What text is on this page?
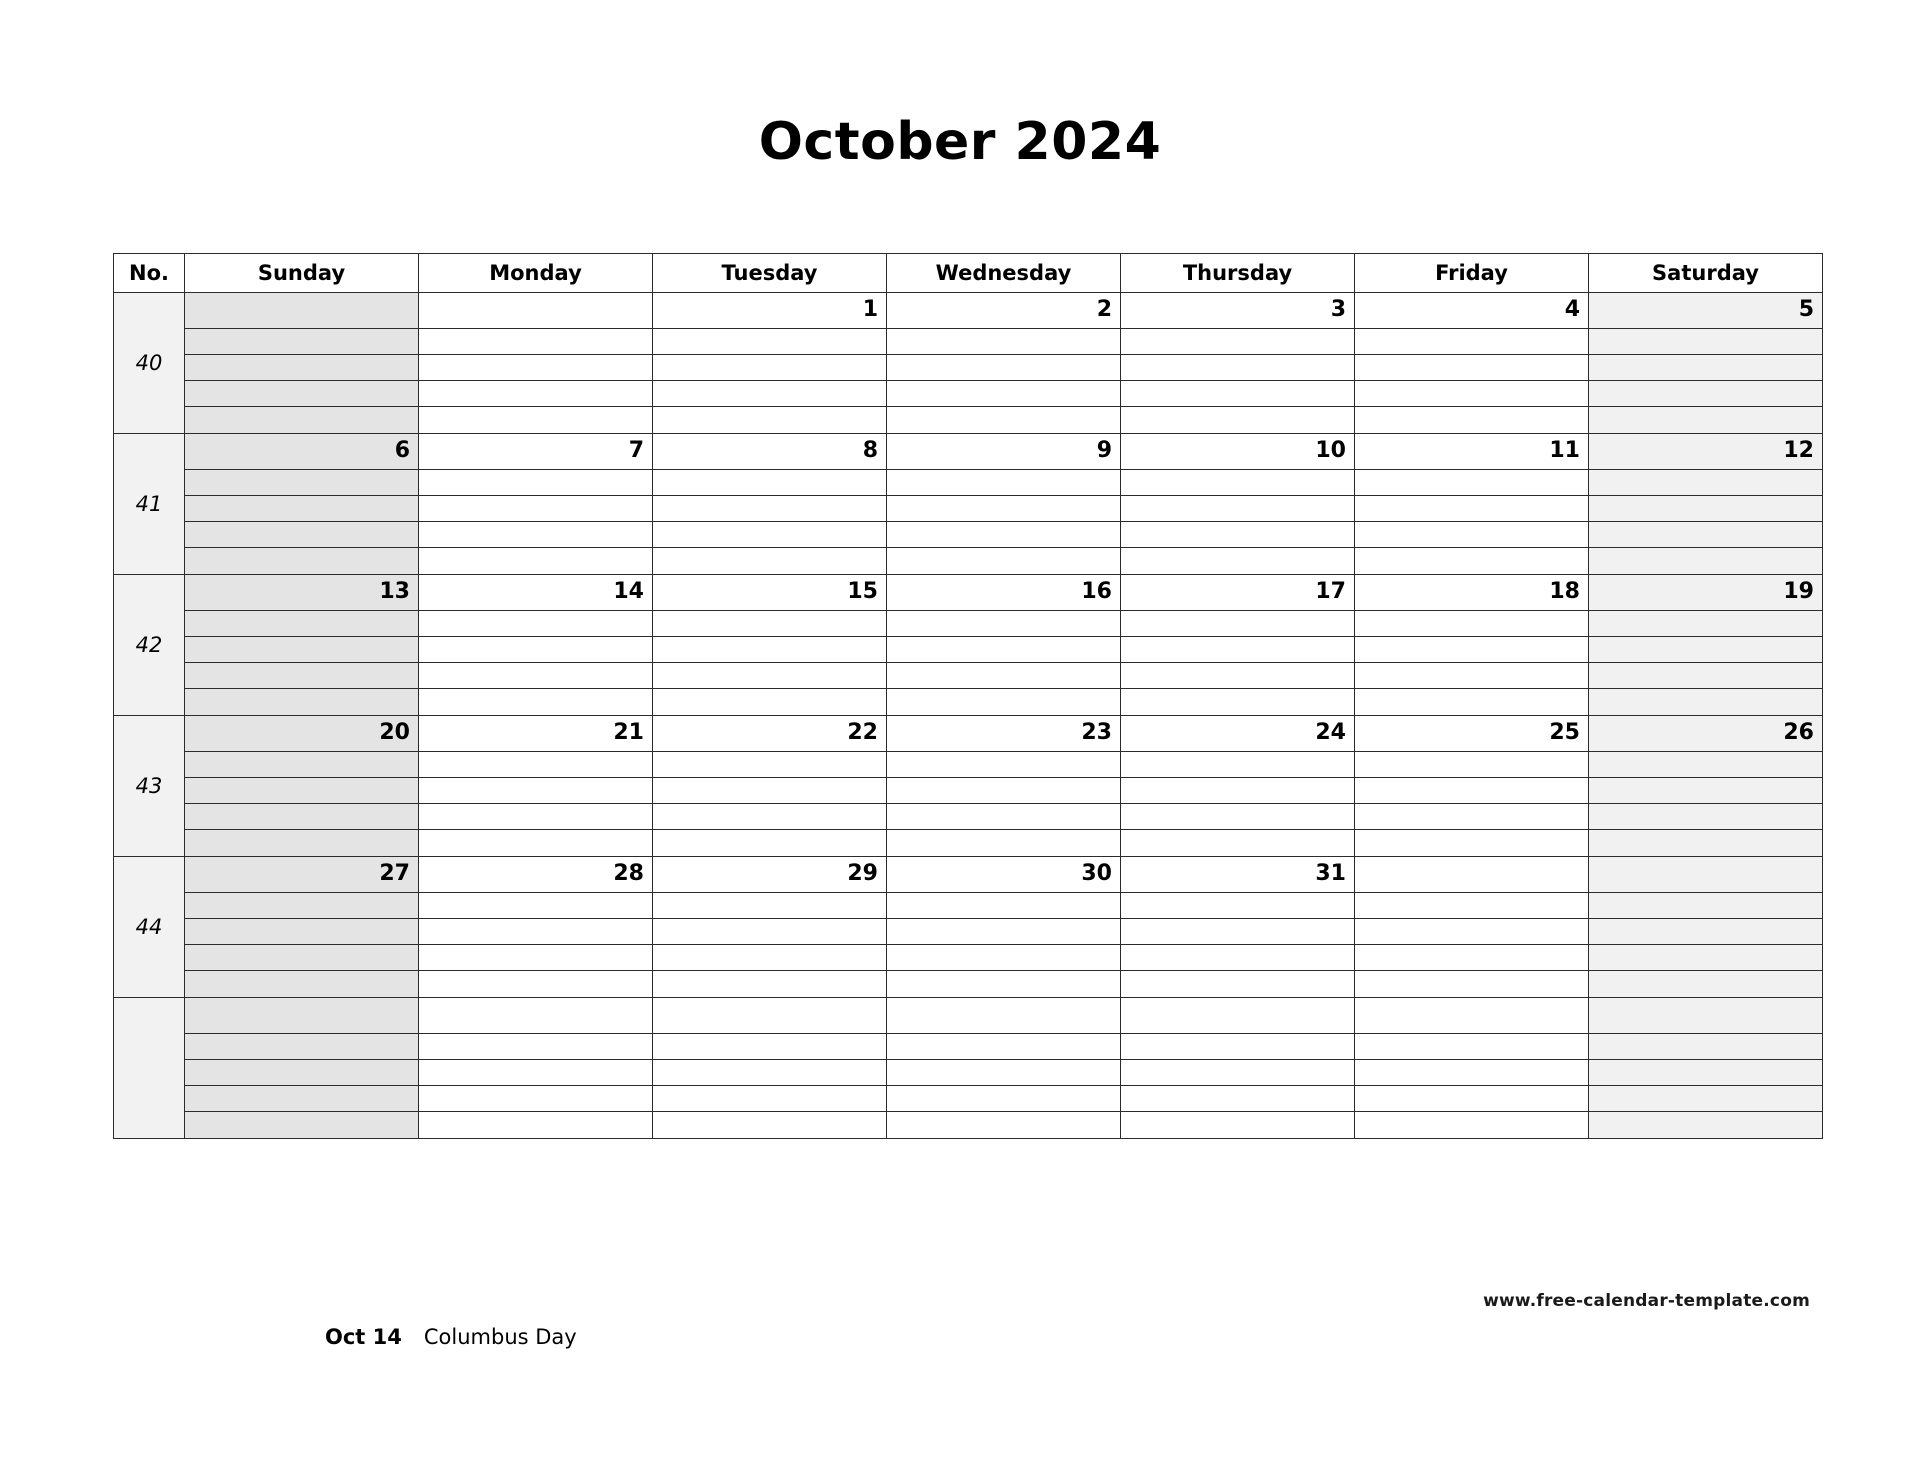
October 2024
No.	Sunday	Monday	Tuesday	Wednesday	Thursday	Friday	Saturday
40			1	2	3	4	5

41	6	7	8	9	10	11	12

42	13	14	15	16	17	18	19

43	20	21	22	23	24	25	26

44	27	28	29	30	31		

www.free-calendar-template.com
Oct 14 Columbus Day
